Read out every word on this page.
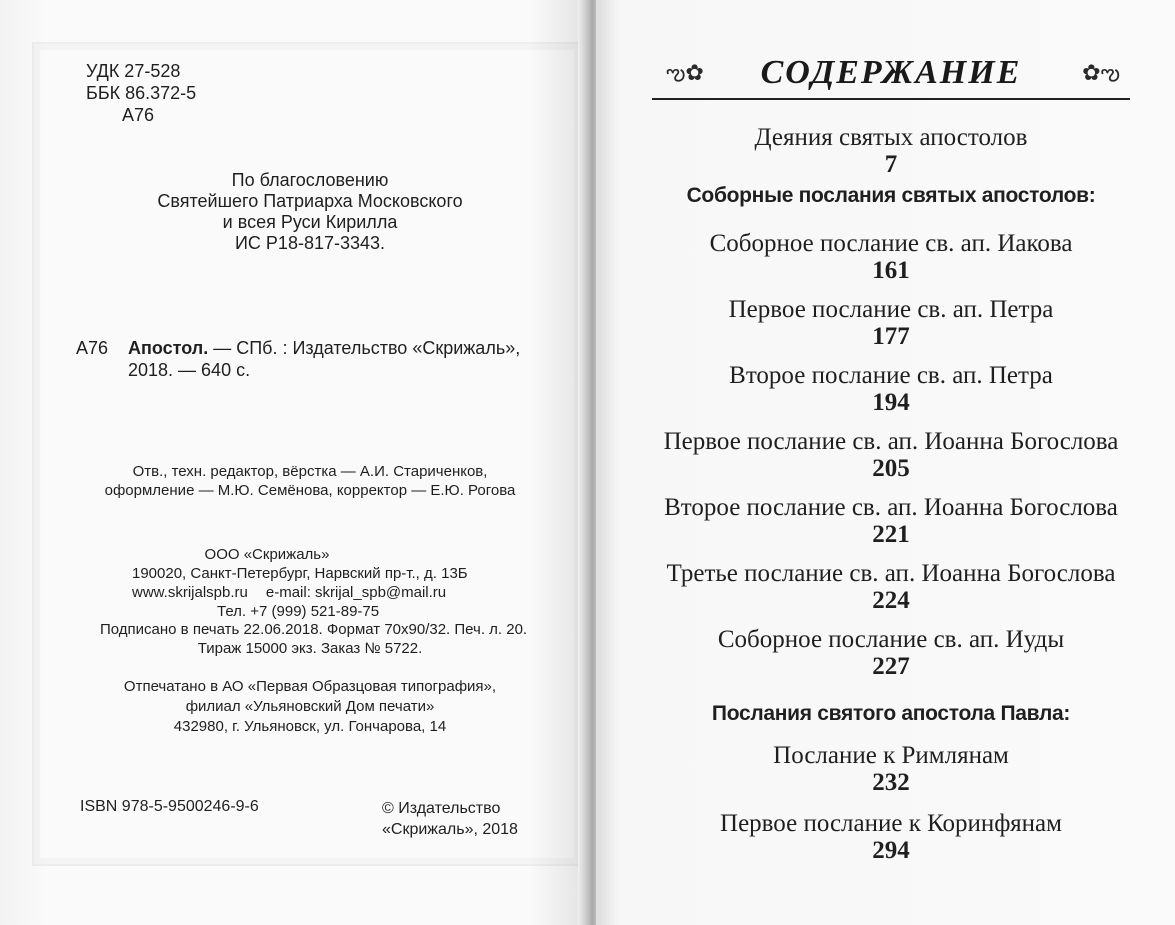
УДК 27-528
ББК 86.372-5
А76
По благословению
Святейшего Патриарха Московского
и всея Руси Кирилла
ИС Р18-817-3343.
А76 Апостол. — СПб. : Издательство «Скрижаль»,
2018. — 640 с.
Отв., техн. редактор, вёрстка — А.И. Стариченков,
оформление — М.Ю. Семёнова, корректор — Е.Ю. Рогова
ООО «Скрижаль»
190020, Санкт-Петербург, Нарвский пр-т., д. 13Б
www.skrijalspb.ru e-mail: skrijal_spb@mail.ru
Тел. +7 (999) 521-89-75
Подписано в печать 22.06.2018. Формат 70x90/32. Печ. л. 20.
Тираж 15000 экз. Заказ № 5722.
Отпечатано в АО «Первая Образцовая типография»,
филиал «Ульяновский Дом печати»
432980, г. Ульяновск, ул. Гончарова, 14
ISBN 978-5-9500246-9-6	© Издательство
«Скрижаль», 2018
ఌ✿	СОДЕРЖАНИЕ	✿ఌ
Деяния святых апостолов
7
Соборные послания святых апостолов:
Соборное послание св. ап. Иакова
161
Первое послание св. ап. Петра
177
Второе послание св. ап. Петра
194
Первое послание св. ап. Иоанна Богослова
205
Второе послание св. ап. Иоанна Богослова
221
Третье послание св. ап. Иоанна Богослова
224
Соборное послание св. ап. Иуды
227
Послания святого апостола Павла:
Послание к Римлянам
232
Первое послание к Коринфянам
294
